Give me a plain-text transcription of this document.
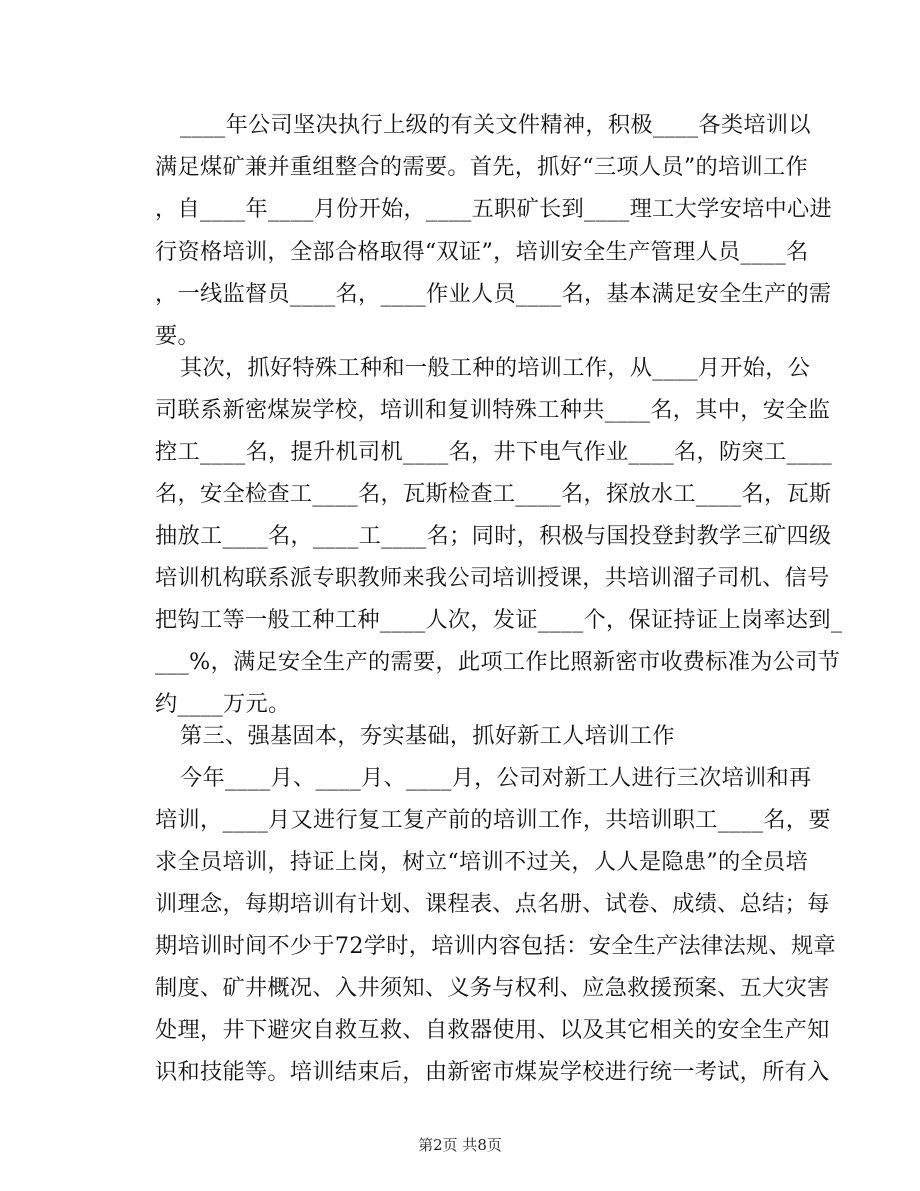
____年公司坚决执行上级的有关文件精神，积极____各类培训以
满足煤矿兼并重组整合的需要。首先，抓好“三项人员”的培训工作
，自____年____月份开始，____五职矿长到____理工大学安培中心进
行资格培训，全部合格取得“双证”，培训安全生产管理人员____名
，一线监督员____名，____作业人员____名，基本满足安全生产的需
要。
其次，抓好特殊工种和一般工种的培训工作，从____月开始，公
司联系新密煤炭学校，培训和复训特殊工种共____名，其中，安全监
控工____名，提升机司机____名，井下电气作业____名，防突工____
名，安全检查工____名，瓦斯检查工____名，探放水工____名，瓦斯
抽放工____名，____工____名；同时，积极与国投登封教学三矿四级
培训机构联系派专职教师来我公司培训授课，共培训溜子司机、信号
把钩工等一般工种工种____人次，发证____个，保证持证上岗率达到_
___%，满足安全生产的需要，此项工作比照新密市收费标准为公司节
约____万元。
第三、强基固本，夯实基础，抓好新工人培训工作
今年____月、____月、____月，公司对新工人进行三次培训和再
培训，____月又进行复工复产前的培训工作，共培训职工____名，要
求全员培训，持证上岗，树立“培训不过关，人人是隐患”的全员培
训理念，每期培训有计划、课程表、点名册、试卷、成绩、总结；每
期培训时间不少于72学时，培训内容包括：安全生产法律法规、规章
制度、矿井概况、入井须知、义务与权利、应急救援预案、五大灾害
处理，井下避灾自救互救、自救器使用、以及其它相关的安全生产知
识和技能等。培训结束后，由新密市煤炭学校进行统一考试，所有入
第2页 共8页
